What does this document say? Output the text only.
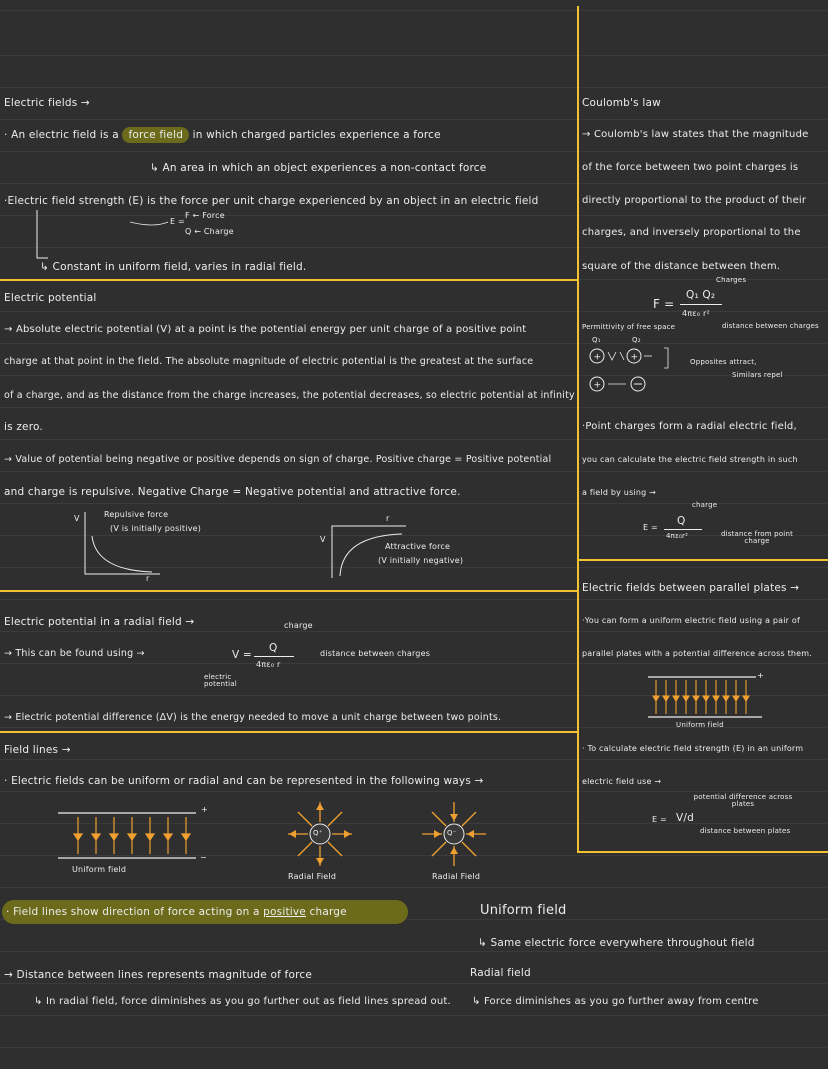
Electric fields →
· An electric field is a force field in which charged particles experience a force
↳ An area in which an object experiences a non-contact force
·Electric field strength (E) is the force per unit charge experienced by an object in an electric field
E =
F ← Force
Q ← Charge
↳ Constant in uniform field, varies in radial field.
Electric potential
→ Absolute electric potential (V) at a point is the potential energy per unit charge of a positive point
charge at that point in the field. The absolute magnitude of electric potential is the greatest at the surface
of a charge, and as the distance from the charge increases, the potential decreases, so electric potential at infinity
is zero.
→ Value of potential being negative or positive depends on sign of charge. Positive charge = Positive potential
and charge is repulsive. Negative Charge = Negative potential and attractive force.
Repulsive force
(V is initially positive)
V
r
V
r
Attractive force
(V initially negative)
Electric potential in a radial field →
→ This can be found using →
charge
V =
Q
4πε₀ r
distance between charges
electric potential
→ Electric potential difference (ΔV) is the energy needed to move a unit charge between two points.
Field lines →
· Electric fields can be uniform or radial and can be represented in the following ways →
+
−
Uniform field
Q⁺
Radial Field
Q⁻
Radial Field
Coulomb's law
→ Coulomb's law states that the magnitude
of the force between two point charges is
directly proportional to the product of their
charges, and inversely proportional to the
square of the distance between them.
Charges
F =
Q₁ Q₂
4πε₀ r²
Permittivity of free space	distance between charges
Q₁	Q₂
+	+
+
Opposites attract,
Similars repel
·Point charges form a radial electric field,
you can calculate the electric field strength in such
a field by using →
charge
E =
Q
4πε₀r²	distance from point charge
Electric fields between parallel plates →
·You can form a uniform electric field using a pair of
parallel plates with a potential difference across them.
+
Uniform field
· To calculate electric field strength (E) in an uniform
electric field use →
potential difference across plates
E = V/d
distance between plates
· Field lines show direction of force acting on a positive charge
→ Distance between lines represents magnitude of force
↳ In radial field, force diminishes as you go further out as field lines spread out.
Uniform field
↳ Same electric force everywhere throughout field
Radial field
↳ Force diminishes as you go further away from centre
